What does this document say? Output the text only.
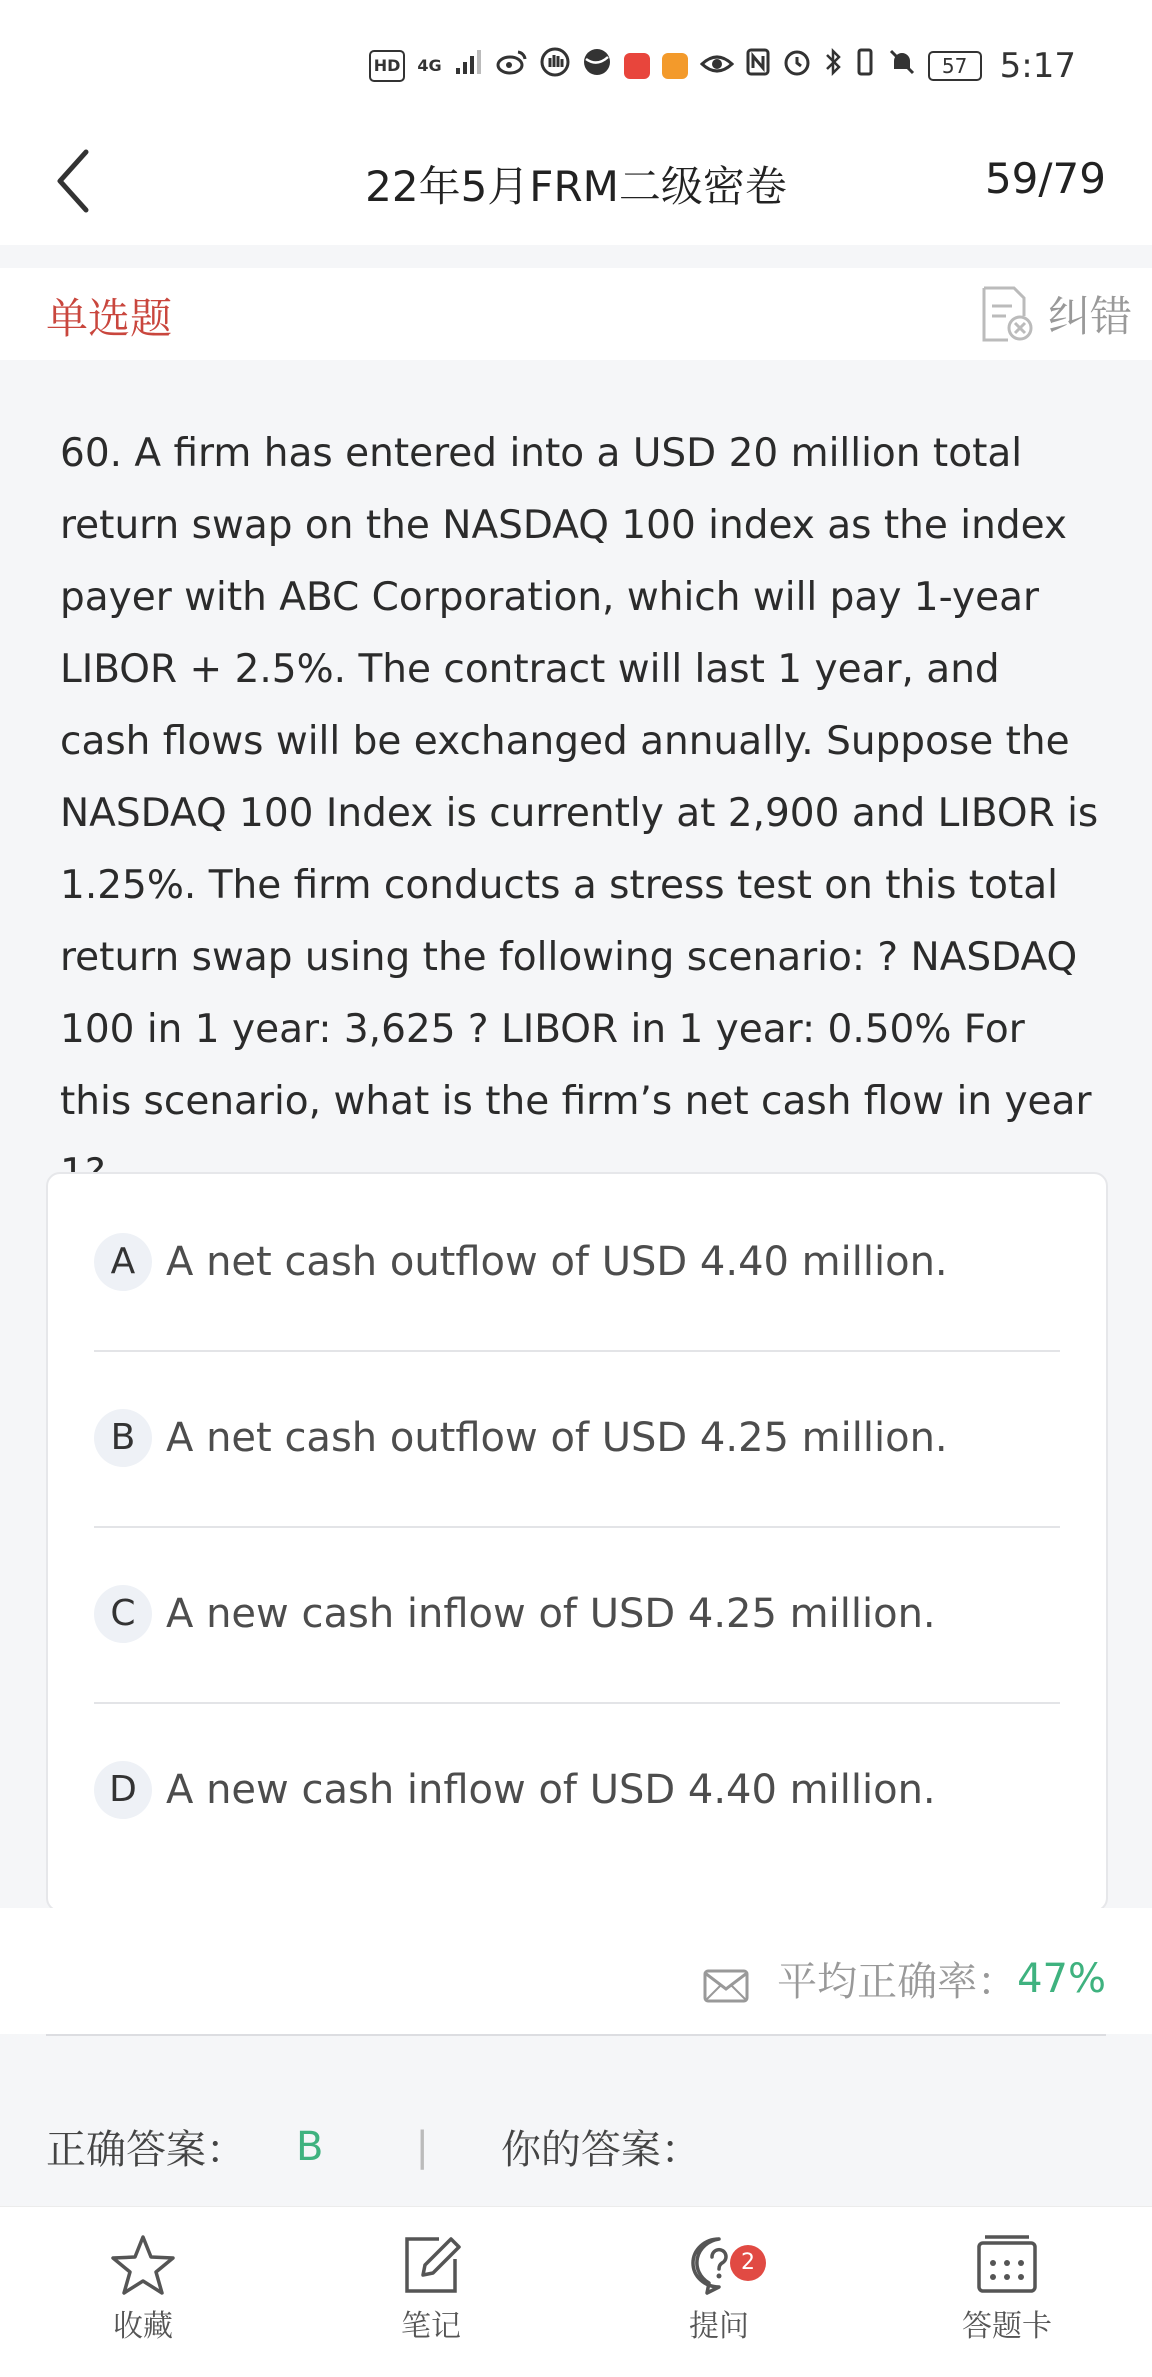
HD	4G	57 5:17
22年5月FRM二级密卷	59/79
单选题	纠错

60. A firm has entered into a USD 20 million total return swap on the NASDAQ 100 index as the index payer with ABC Corporation, which will pay 1-year LIBOR + 2.5%. The contract will last 1 year, and cash flows will be exchanged annually. Suppose the NASDAQ 100 Index is currently at 2,900 and LIBOR is 1.25%. The firm conducts a stress test on this total return swap using the following scenario: ? NASDAQ 100 in 1 year: 3,625 ? LIBOR in 1 year: 0.50% For this scenario, what is the firm’s net cash flow in year

A A net cash outflow of USD 4.40 million.
B A net cash outflow of USD 4.25 million.
C A new cash inflow of USD 4.25 million.
D A new cash inflow of USD 4.40 million.
平均正确率： 47%
正确答案： B | 你的答案：
收藏	笔记
2
提问	答题卡
